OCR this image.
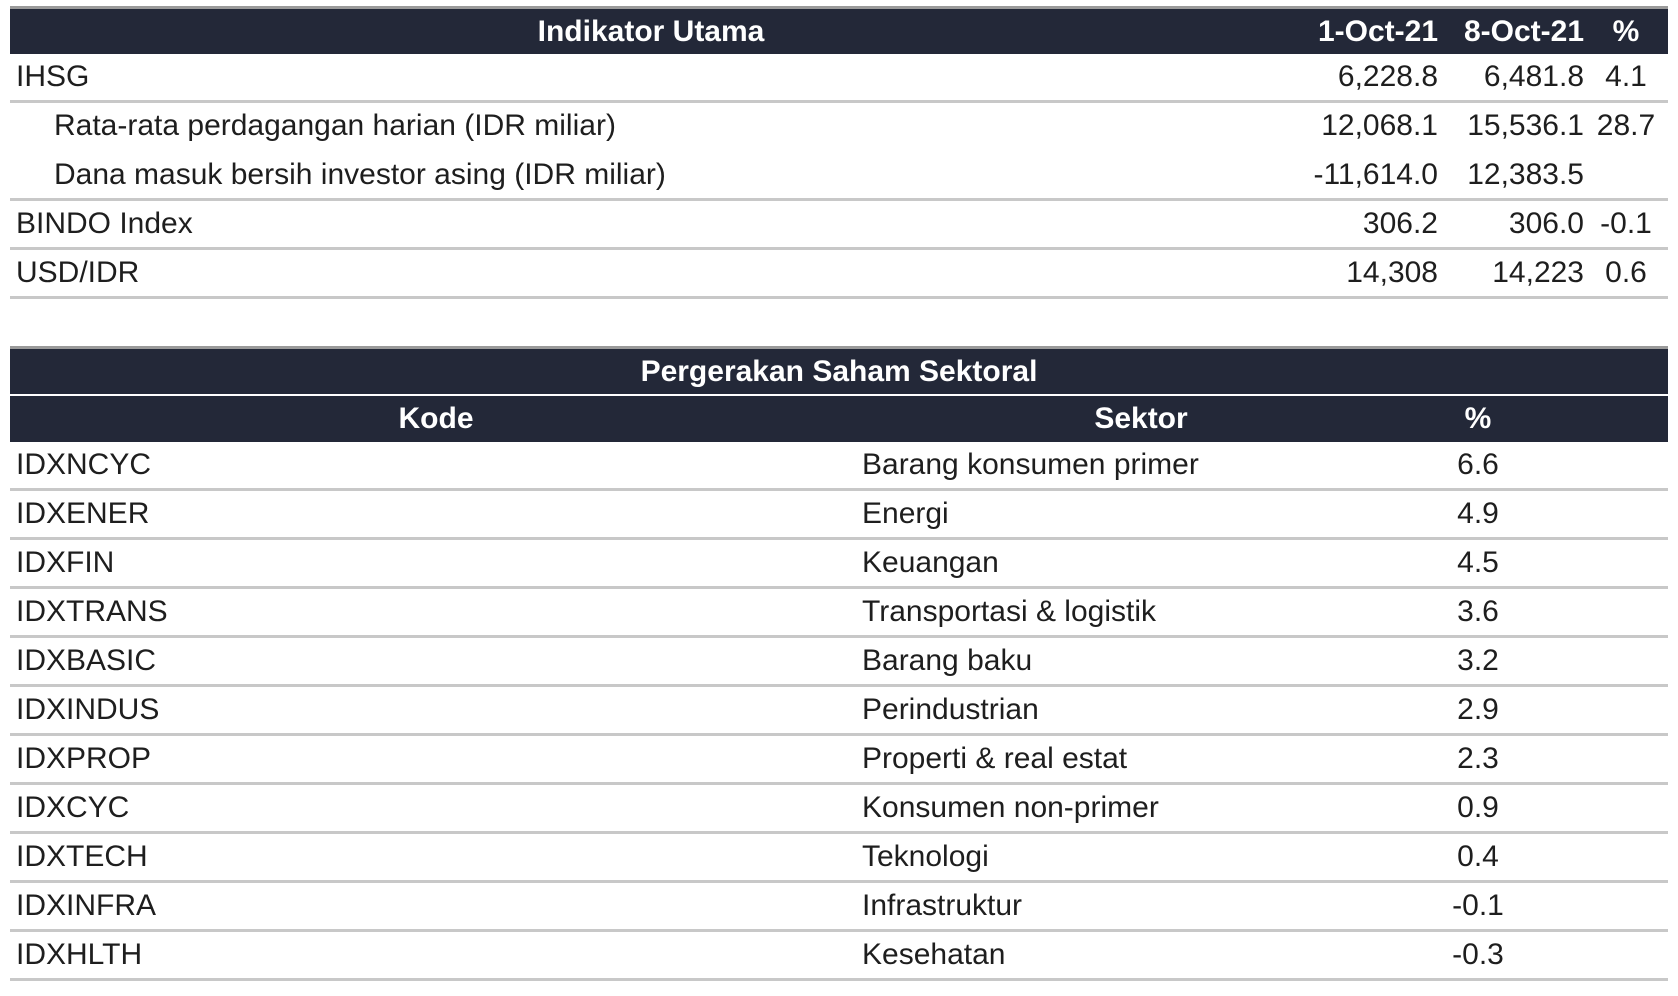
Indikator Utama	1-Oct-21 8-Oct-21 %
IHSG	6,228.8	6,481.8 4.1
Rata-rata perdagangan harian (IDR miliar)	12,068.1 15,536.1 28.7
Dana masuk bersih investor asing (IDR miliar)	-11,614.0 12,383.5
BINDO Index	306.2	306.0 -0.1
USD/IDR	14,308	14,223 0.6
Pergerakan Saham Sektoral
Kode	Sektor	%
IDXNCYC	Barang konsumen primer	6.6
IDXENER	Energi	4.9
IDXFIN	Keuangan	4.5
IDXTRANS	Transportasi & logistik	3.6
IDXBASIC	Barang baku	3.2
IDXINDUS	Perindustrian	2.9
IDXPROP	Properti & real estat	2.3
IDXCYC	Konsumen non-primer	0.9
IDXTECH	Teknologi	0.4
IDXINFRA	Infrastruktur	-0.1
IDXHLTH	Kesehatan	-0.3
